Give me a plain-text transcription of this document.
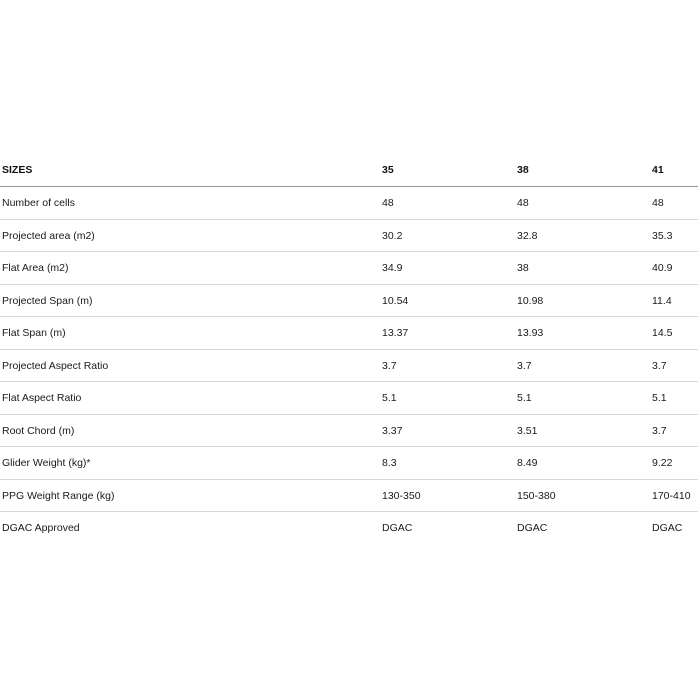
SIZES	35	38	41
Number of cells	48	48	48
Projected area (m2)	30.2	32.8	35.3
Flat Area (m2)	34.9	38	40.9
Projected Span (m)	10.54	10.98	11.4
Flat Span (m)	13.37	13.93	14.5
Projected Aspect Ratio	3.7	3.7	3.7
Flat Aspect Ratio	5.1	5.1	5.1
Root Chord (m)	3.37	3.51	3.7
Glider Weight (kg)*	8.3	8.49	9.22
PPG Weight Range (kg)	130-350	150-380	170-410
DGAC Approved	DGAC	DGAC	DGAC
